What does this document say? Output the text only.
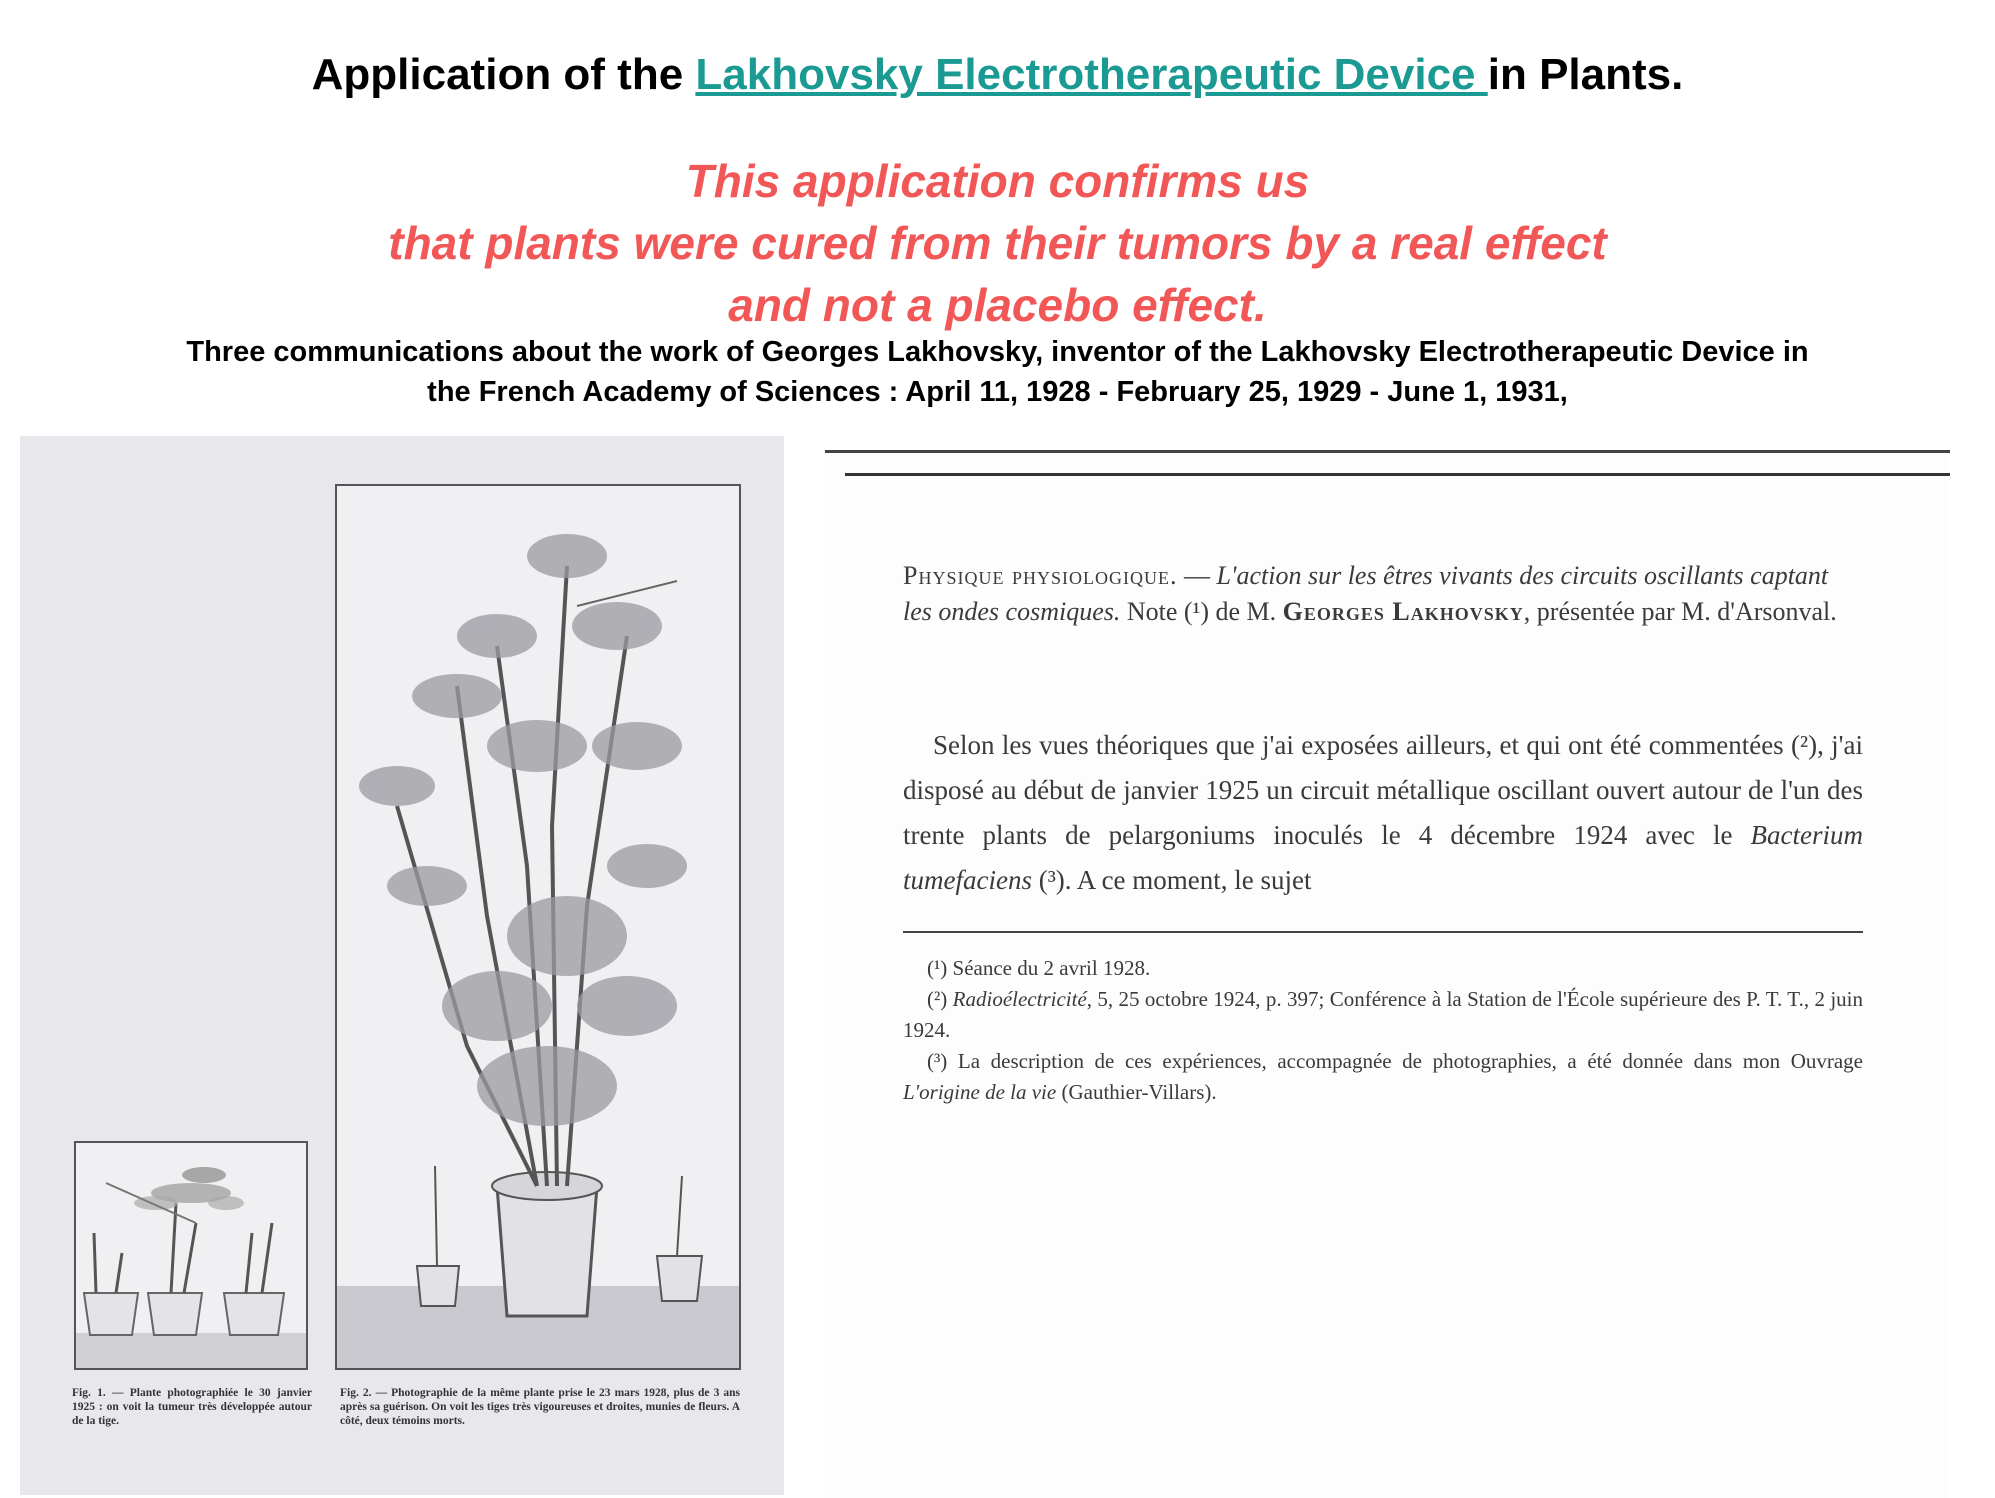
Application of the Lakhovsky Electrotherapeutic Device in Plants.
This application confirms us
that plants were cured from their tumors by a real effect
and not a placebo effect.
Three communications about the work of Georges Lakhovsky, inventor of the Lakhovsky Electrotherapeutic Device in
the French Academy of Sciences : April 11, 1928 - February 25, 1929 - June 1, 1931,
Fig. 1. — Plante photographiée le 30 janvier 1925 : on voit la tumeur très développée autour de la tige.
Fig. 2. — Photographie de la même plante prise le 23 mars 1928, plus de 3 ans après sa guérison. On voit les tiges très vigoureuses et droites, munies de fleurs. A côté, deux témoins morts.
Physique physiologique. — L'action sur les êtres vivants des circuits oscillants captant les ondes cosmiques. Note (¹) de M. Georges Lakhovsky, présentée par M. d'Arsonval.
Selon les vues théoriques que j'ai exposées ailleurs, et qui ont été commentées (²), j'ai disposé au début de janvier 1925 un circuit métallique oscillant ouvert autour de l'un des trente plants de pelargoniums inoculés le 4 décembre 1924 avec le Bacterium tumefaciens (³). A ce moment, le sujet
(¹) Séance du 2 avril 1928.
(²) Radioélectricité, 5, 25 octobre 1924, p. 397; Conférence à la Station de l'École supérieure des P. T. T., 2 juin 1924.
(³) La description de ces expériences, accompagnée de photographies, a été donnée dans mon Ouvrage L'origine de la vie (Gauthier-Villars).
